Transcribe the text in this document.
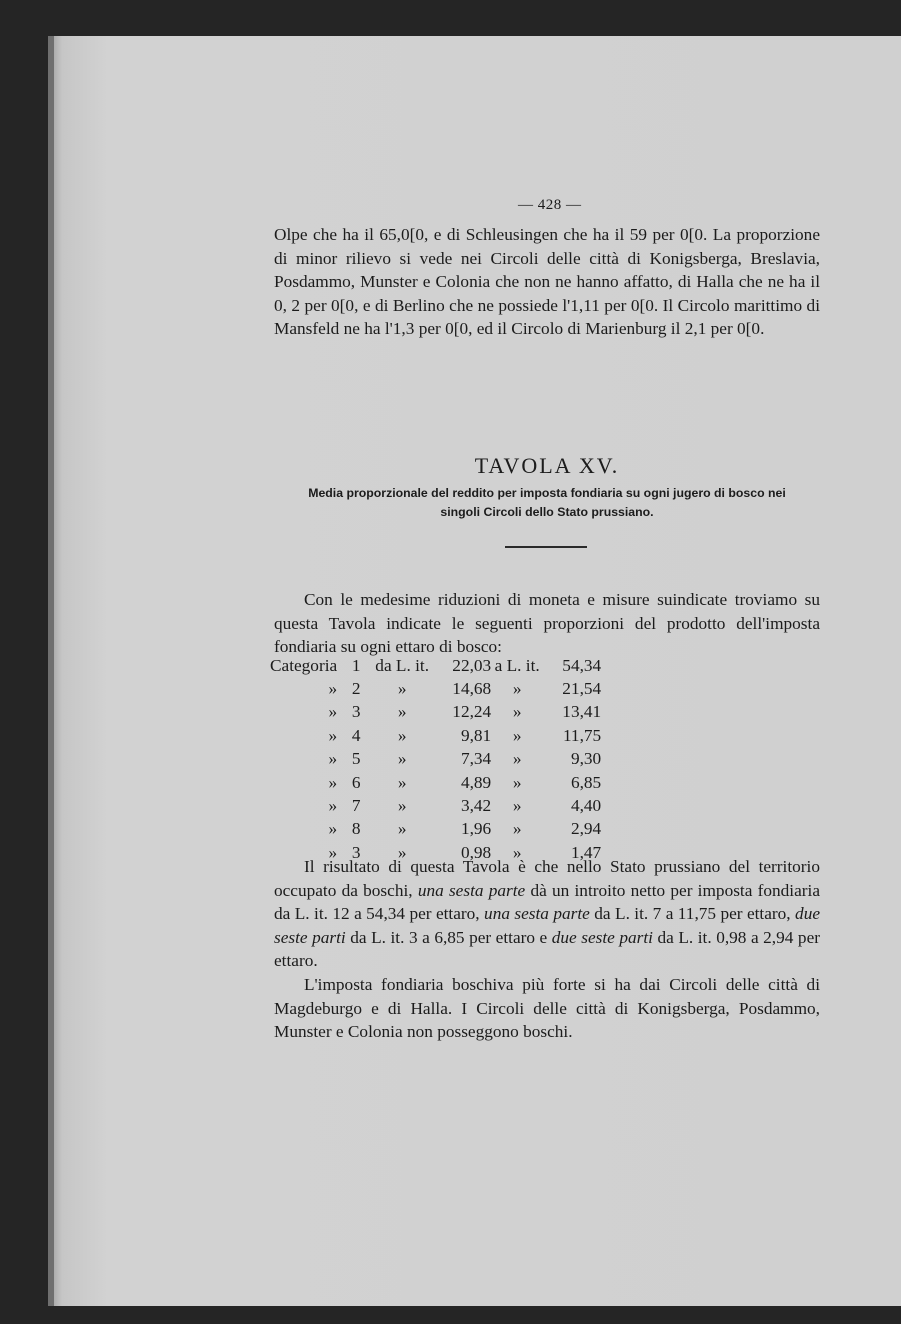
— 428 —

Olpe che ha il 65,0[0, e di Schleusingen che ha il 59 per 0[0. La proporzione di minor rilievo si vede nei Circoli delle città di Konigsberga, Breslavia, Posdammo, Munster e Colonia che non ne hanno affatto, di Halla che ne ha il 0, 2 per 0[0, e di Berlino che ne possiede l'1,11 per 0[0. Il Circolo marittimo di Mansfeld ne ha l'1,3 per 0[0, ed il Circolo di Marienburg il 2,1 per 0[0.

TAVOLA XV.
Media proporzionale del reddito per imposta fondiaria su ogni jugero di bosco nei singoli Circoli dello Stato prussiano.

Con le medesime riduzioni di moneta e misure suindicate troviamo su questa Tavola indicate le seguenti proporzioni del prodotto dell'imposta fondiaria su ogni ettaro di bosco:

Categoria	1	da L. it.	22,03	a L. it.	54,34
»	2	»	14,68	»	21,54
»	3	»	12,24	»	13,41
»	4	»	9,81	»	11,75
»	5	»	7,34	»	9,30
»	6	»	4,89	»	6,85
»	7	»	3,42	»	4,40
»	8	»	1,96	»	2,94
»	3	»	0,98	»	1,47

Il risultato di questa Tavola è che nello Stato prussiano del territorio occupato da boschi, una sesta parte dà un introito netto per imposta fondiaria da L. it. 12 a 54,34 per ettaro, una sesta parte da L. it. 7 a 11,75 per ettaro, due seste parti da L. it. 3 a 6,85 per ettaro e due seste parti da L. it. 0,98 a 2,94 per ettaro.

L'imposta fondiaria boschiva più forte si ha dai Circoli delle città di Magdeburgo e di Halla. I Circoli delle città di Konigsberga, Posdammo, Munster e Colonia non posseggono boschi.
